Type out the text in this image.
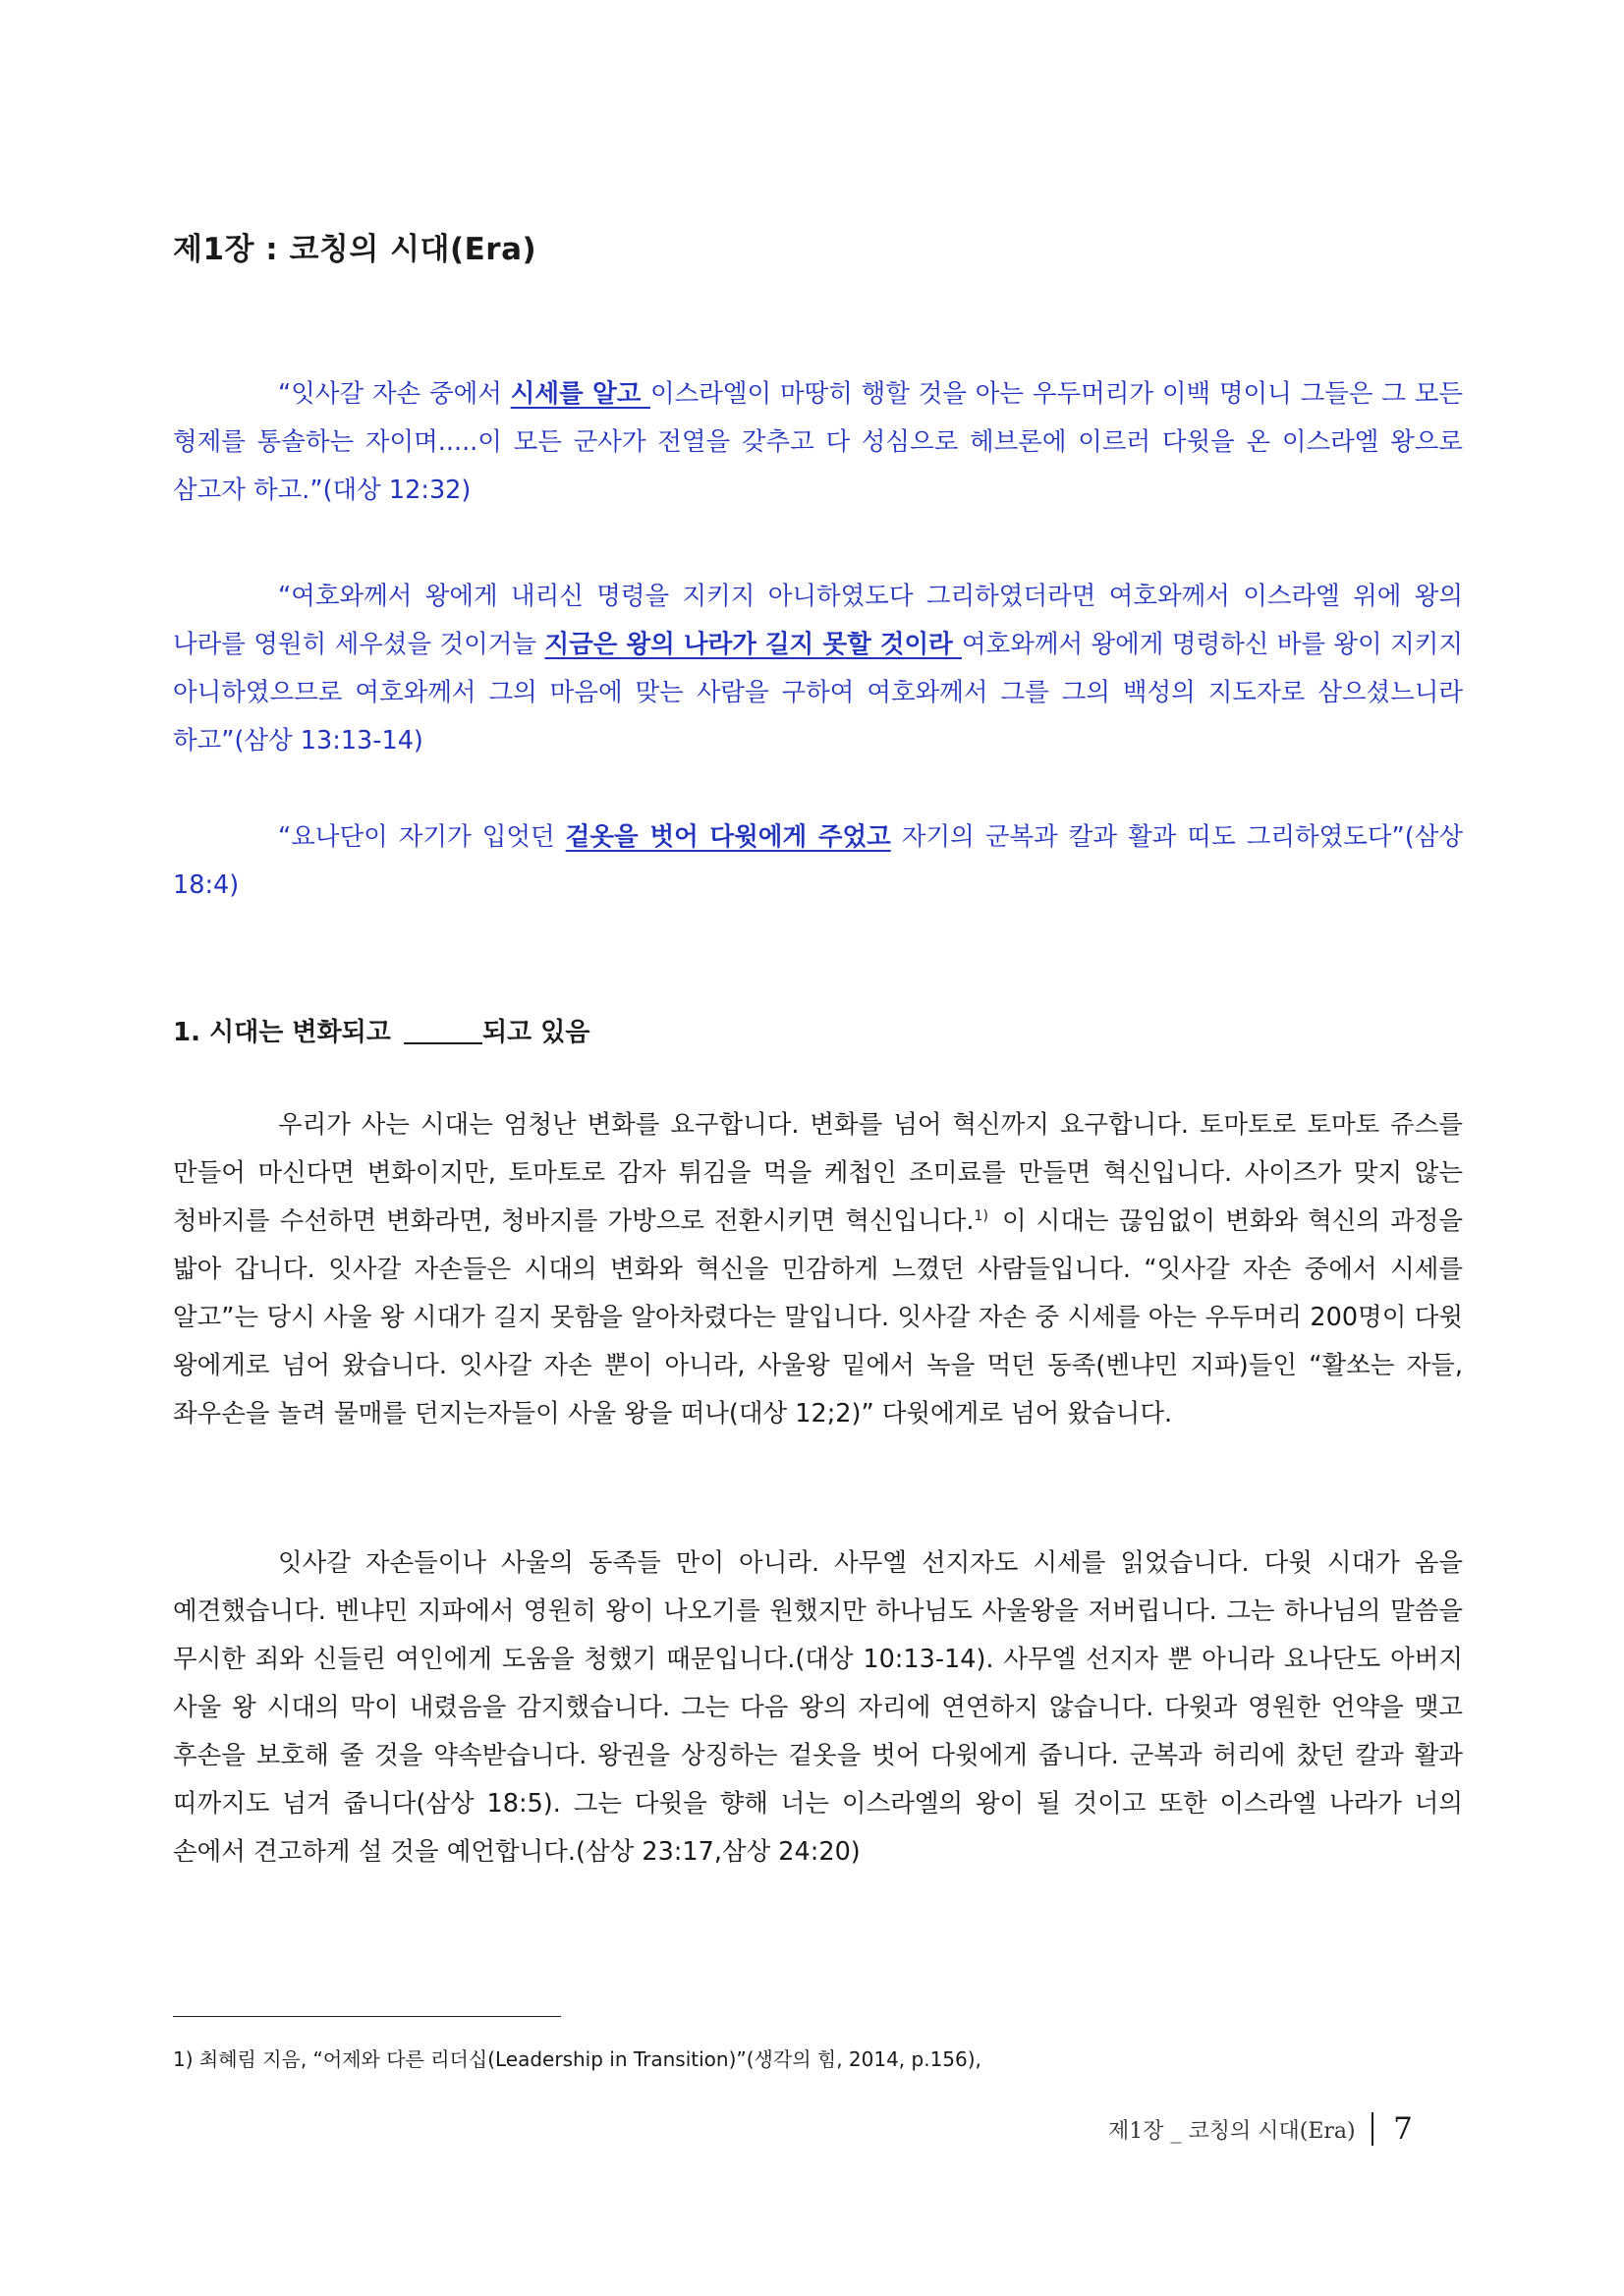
제1장 : 코칭의 시대(Era)

“잇사갈 자손 중에서 시세를 알고 이스라엘이 마땅히 행할 것을 아는 우두머리가 이백 명이니 그들은 그 모든 형제를 통솔하는 자이며.....이 모든 군사가 전열을 갖추고 다 성심으로 헤브론에 이르러 다윗을 온 이스라엘 왕으로 삼고자 하고.”(대상 12:32)

“여호와께서 왕에게 내리신 명령을 지키지 아니하였도다 그리하였더라면 여호와께서 이스라엘 위에 왕의 나라를 영원히 세우셨을 것이거늘 지금은 왕의 나라가 길지 못할 것이라 여호와께서 왕에게 명령하신 바를 왕이 지키지 아니하였으므로 여호와께서 그의 마음에 맞는 사람을 구하여 여호와께서 그를 그의 백성의 지도자로 삼으셨느니라 하고”(삼상 13:13-14)

“요나단이 자기가 입엇던 겉옷을 벗어 다윗에게 주었고 자기의 군복과 칼과 활과 띠도 그리하였도다”(삼상 18:4)

1. 시대는 변화되고	되고 있음

우리가 사는 시대는 엄청난 변화를 요구합니다. 변화를 넘어 혁신까지 요구합니다. 토마토로 토마토 쥬스를 만들어 마신다면 변화이지만, 토마토로 감자 튀김을 먹을 케첩인 조미료를 만들면 혁신입니다. 사이즈가 맞지 않는 청바지를 수선하면 변화라면, 청바지를 가방으로 전환시키면 혁신입니다.$^{1)}$ 이 시대는 끊임없이 변화와 혁신의 과정을 밟아 갑니다. 잇사갈 자손들은 시대의 변화와 혁신을 민감하게 느꼈던 사람들입니다. “잇사갈 자손 중에서 시세를 알고”는 당시 사울 왕 시대가 길지 못함을 알아차렸다는 말입니다. 잇사갈 자손 중 시세를 아는 우두머리 200명이 다윗 왕에게로 넘어 왔습니다. 잇사갈 자손 뿐이 아니라, 사울왕 밑에서 녹을 먹던 동족(벤냐민 지파)들인 “활쏘는 자들, 좌우손을 놀려 물매를 던지는자들이 사울 왕을 떠나(대상 12;2)” 다윗에게로 넘어 왔습니다.

잇사갈 자손들이나 사울의 동족들 만이 아니라. 사무엘 선지자도 시세를 읽었습니다. 다윗 시대가 옴을 예견했습니다. 벤냐민 지파에서 영원히 왕이 나오기를 원했지만 하나님도 사울왕을 저버립니다. 그는 하나님의 말씀을 무시한 죄와 신들린 여인에게 도움을 청했기 때문입니다.(대상 10:13-14). 사무엘 선지자 뿐 아니라 요나단도 아버지 사울 왕 시대의 막이 내렸음을 감지했습니다. 그는 다음 왕의 자리에 연연하지 않습니다. 다윗과 영원한 언약을 맺고 후손을 보호해 줄 것을 약속받습니다. 왕권을 상징하는 겉옷을 벗어 다윗에게 줍니다. 군복과 허리에 찼던 칼과 활과 띠까지도 넘겨 줍니다(삼상 18:5). 그는 다윗을 향해 너는 이스라엘의 왕이 될 것이고 또한 이스라엘 나라가 너의 손에서 견고하게 설 것을 예언합니다.(삼상 23:17,삼상 24:20)

1) 최혜림 지음, “어제와 다른 리더십(Leadership in Transition)”(생각의 힘, 2014, p.156),

제1장 _ 코칭의 시대(Era) 7
